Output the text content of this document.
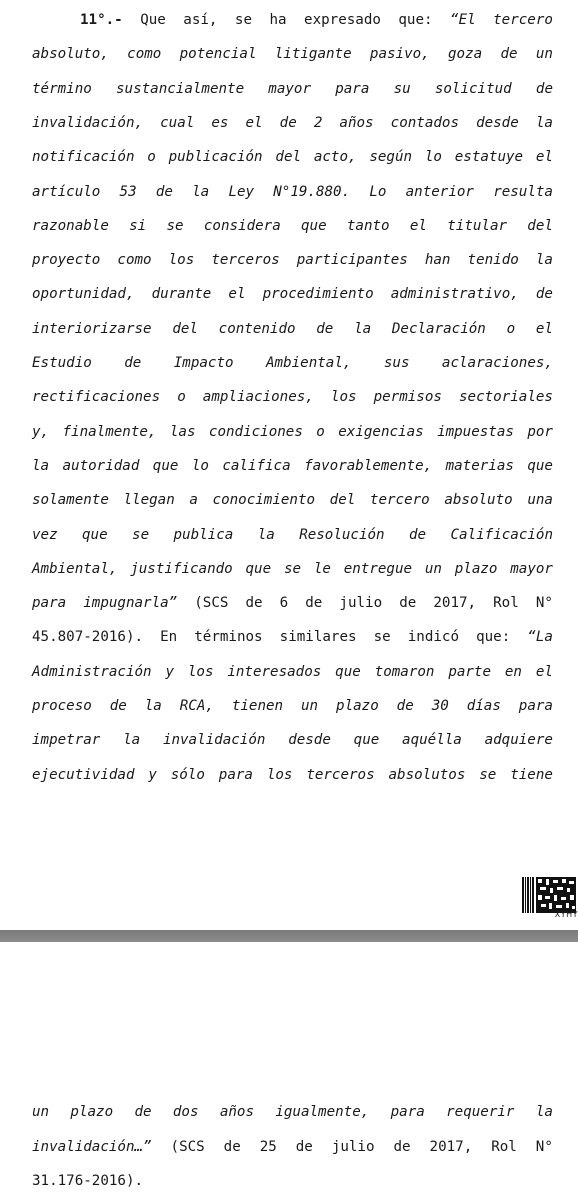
11°.- Que así, se ha expresado que: “El tercero
absoluto, como potencial litigante pasivo, goza de un
término sustancialmente mayor para su solicitud de
invalidación, cual es el de 2 años contados desde la
notificación o publicación del acto, según lo estatuye el
artículo 53 de la Ley N°19.880. Lo anterior resulta
razonable si se considera que tanto el titular del
proyecto como los terceros participantes han tenido la
oportunidad, durante el procedimiento administrativo, de
interiorizarse del contenido de la Declaración o el
Estudio de Impacto Ambiental, sus aclaraciones,
rectificaciones o ampliaciones, los permisos sectoriales
y, finalmente, las condiciones o exigencias impuestas por
la autoridad que lo califica favorablemente, materias que
solamente llegan a conocimiento del tercero absoluto una
vez que se publica la Resolución de Calificación
Ambiental, justificando que se le entregue un plazo mayor
para impugnarla” (SCS de 6 de julio de 2017, Rol N°
45.807-2016). En términos similares se indicó que: “La
Administración y los interesados que tomaron parte en el
proceso de la RCA, tienen un plazo de 30 días para
impetrar la invalidación desde que aquélla adquiere
ejecutividad y sólo para los terceros absolutos se tiene
XYHY
un plazo de dos años igualmente, para requerir la
invalidación…” (SCS de 25 de julio de 2017, Rol N°
31.176-2016).
